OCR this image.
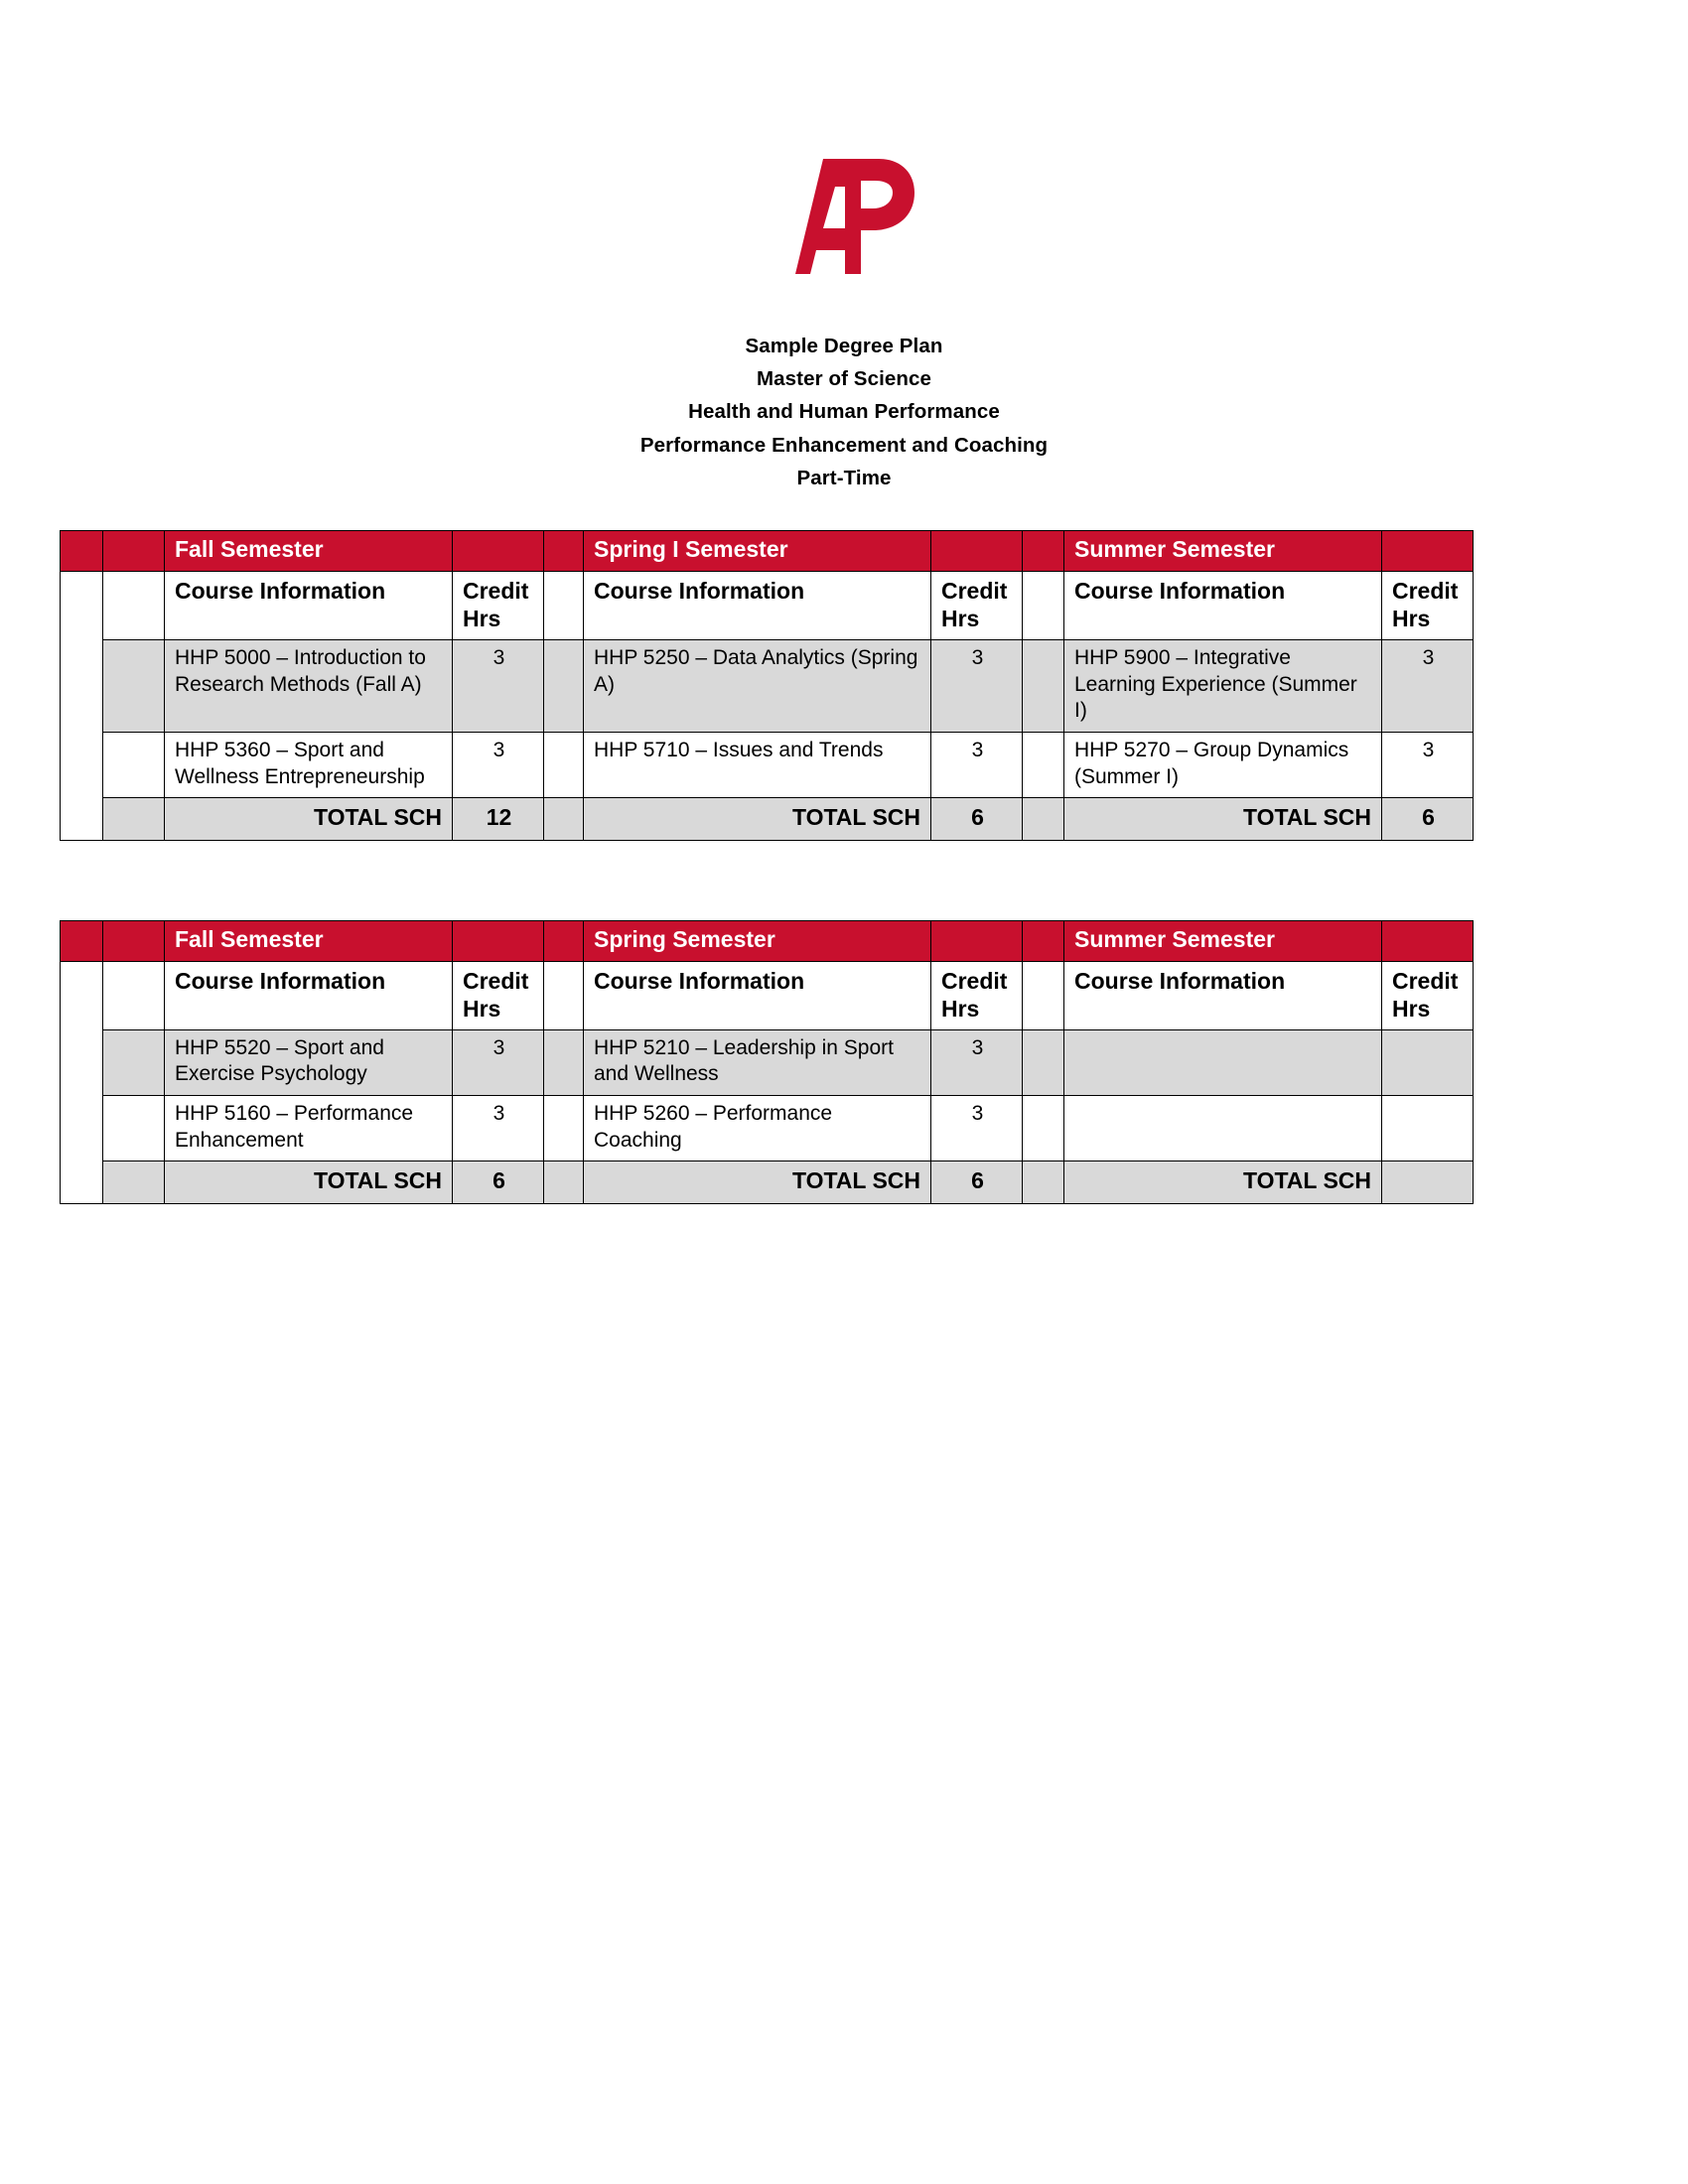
Sample Degree Plan
Master of Science
Health and Human Performance
Performance Enhancement and Coaching
Part-Time
		Fall Semester			Spring I Semester			Summer Semester	
First Year		Course Information	Credit Hrs		Course Information	Credit Hrs		Course Information	Credit Hrs
		HHP 5000 – Introduction to Research Methods (Fall A)	3		HHP 5250 – Data Analytics (Spring A)	3		HHP 5900 – Integrative Learning Experience (Summer I)	3
		HHP 5360 – Sport and Wellness Entrepreneurship	3		HHP 5710 – Issues and Trends	3		HHP 5270 – Group Dynamics (Summer I)	3
		TOTAL SCH	12		TOTAL SCH	6		TOTAL SCH	6
		Fall Semester			Spring Semester			Summer Semester	
Second Year		Course Information	Credit Hrs		Course Information	Credit Hrs		Course Information	Credit Hrs
		HHP 5520 – Sport and Exercise Psychology	3		HHP 5210 – Leadership in Sport and Wellness	3			
		HHP 5160 – Performance Enhancement	3		HHP 5260 – Performance Coaching	3			
		TOTAL SCH	6		TOTAL SCH	6		TOTAL SCH	
